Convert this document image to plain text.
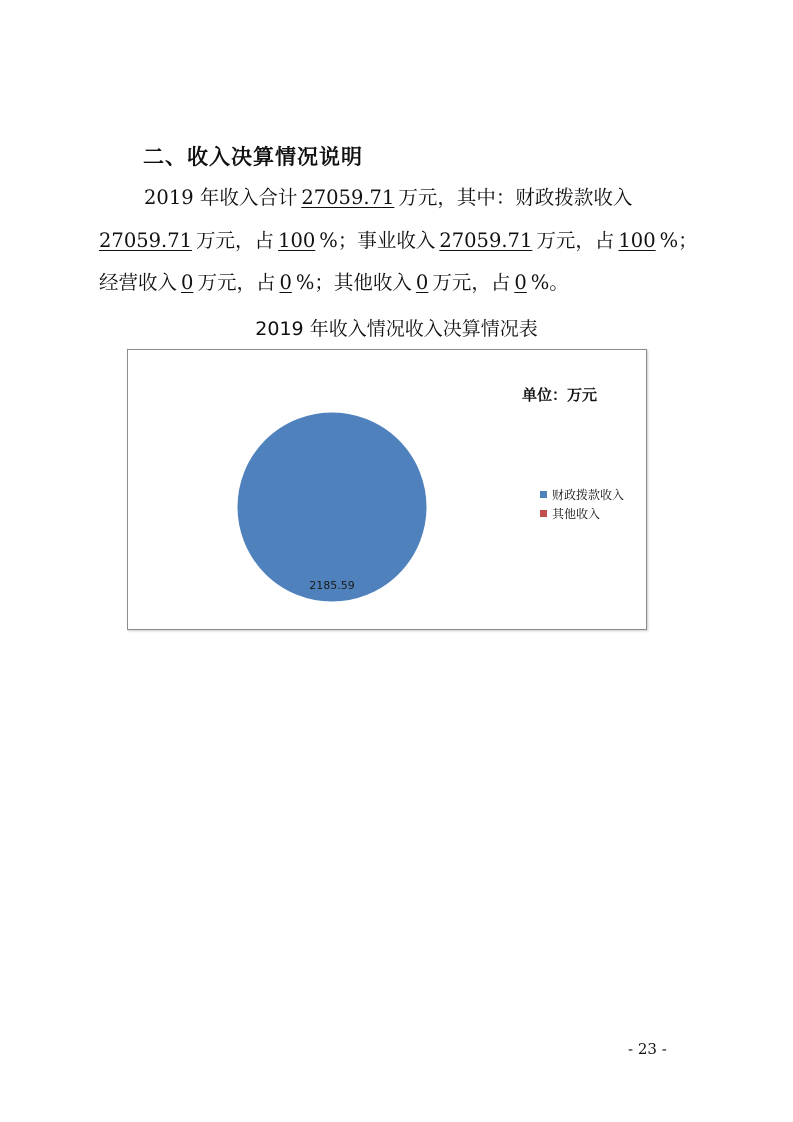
二、收入决算情况说明
2019 年收入合计 27059.71 万元，其中：财政拨款收入
27059.71 万元，占 100 %；事业收入 27059.71 万元，占 100 %；
经营收入 0 万元，占 0 %；其他收入 0 万元，占 0 %。
2019 年收入情况收入决算情况表
2185.59
单位：万元
财政拨款收入
其他收入
- 23 -
